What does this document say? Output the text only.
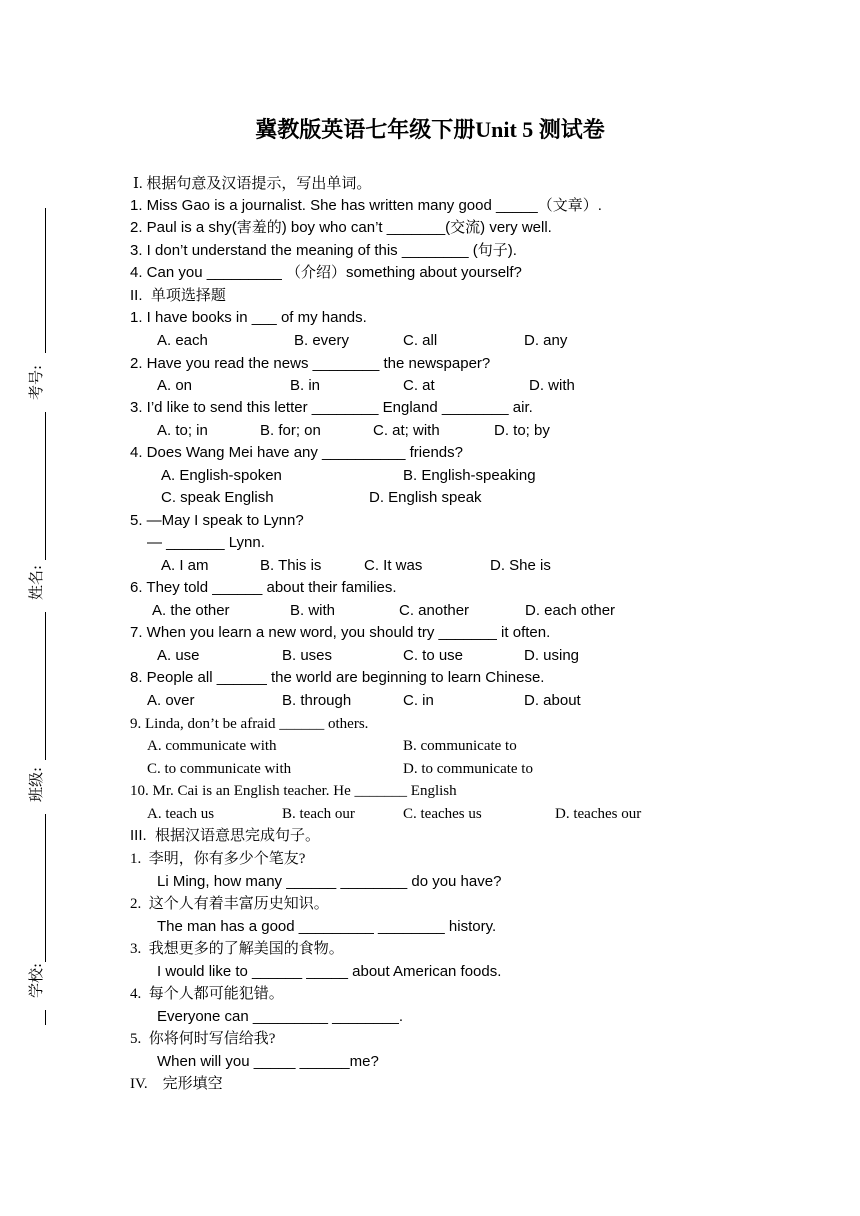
冀教版英语七年级下册Unit 5 测试卷
考号:
姓名:
班级:
学校:
Ⅰ. 根据句意及汉语提示，写出单词。
1. Miss Gao is a journalist. She has written many good _____（文章）.
2. Paul is a shy(害羞的) boy who can’t _______(交流) very well.
3. I don’t understand the meaning of this ________ (句子).
4. Can you _________ （介绍）something about yourself?
II.  单项选择题
1. I have books in ___ of my hands.
A. each	B. every	C. all	D. any
2. Have you read the news ________ the newspaper?
A. on	B. in	C. at	D. with
3. I’d like to send this letter ________ England ________ air.
A. to; in	B. for; on	C. at; with	D. to; by
4. Does Wang Mei have any __________ friends?
A. English-spoken	B. English-speaking
C. speak English	D. English speak
5. —May I speak to Lynn?
— _______ Lynn.
A. I am	B. This is	C. It was	D. She is
6. They told ______ about their families.
A. the other	B. with	C. another	D. each other
7. When you learn a new word, you should try _______ it often.
A. use	B. uses	C. to use	D. using
8. People all ______ the world are beginning to learn Chinese.
A. over	B. through	C. in	D. about
9. Linda, don’t be afraid ______ others.
A. communicate with	B. communicate to
C. to communicate with	D. to communicate to
10. Mr. Cai is an English teacher. He _______ English
A. teach us	B. teach our	C. teaches us	D. teaches our
III.  根据汉语意思完成句子。
1.  李明，你有多少个笔友?
Li Ming, how many ______ ________ do you have?
2.  这个人有着丰富历史知识。
The man has a good _________ ________ history.
3.  我想更多的了解美国的食物。
I would like to ______ _____ about American foods.
4.  每个人都可能犯错。
Everyone can _________ ________.
5.  你将何时写信给我?
When will you _____ ______me?
IV.    完形填空
